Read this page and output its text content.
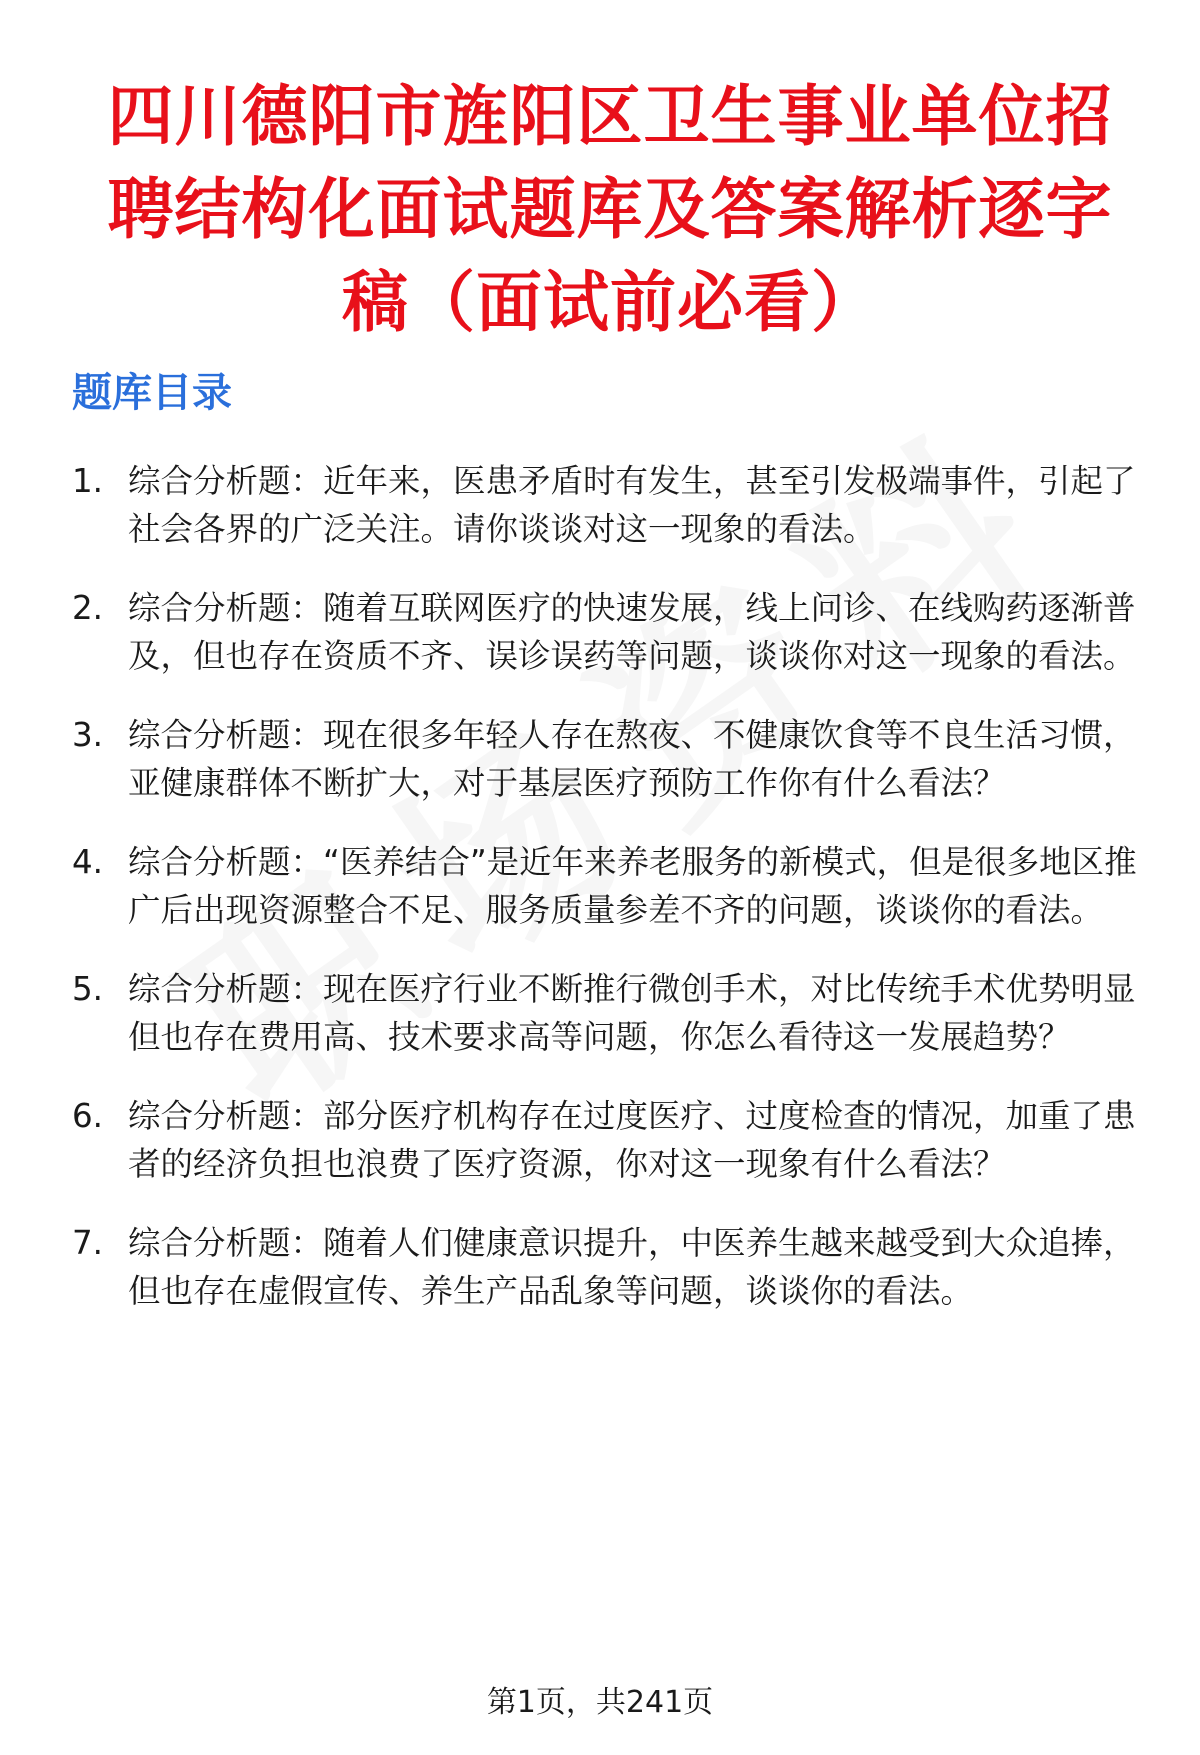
四川德阳市旌阳区卫生事业单位招聘结构化面试题库及答案解析逐字稿（面试前必看）
题库目录
1. 综合分析题：近年来，医患矛盾时有发生，甚至引发极端事件，引起了社会各界的广泛关注。请你谈谈对这一现象的看法。
2. 综合分析题：随着互联网医疗的快速发展，线上问诊、在线购药逐渐普及，但也存在资质不齐、误诊误药等问题，谈谈你对这一现象的看法。
3. 综合分析题：现在很多年轻人存在熬夜、不健康饮食等不良生活习惯，亚健康群体不断扩大，对于基层医疗预防工作你有什么看法？
4. 综合分析题：“医养结合”是近年来养老服务的新模式，但是很多地区推广后出现资源整合不足、服务质量参差不齐的问题，谈谈你的看法。
5. 综合分析题：现在医疗行业不断推行微创手术，对比传统手术优势明显但也存在费用高、技术要求高等问题，你怎么看待这一发展趋势？
6. 综合分析题：部分医疗机构存在过度医疗、过度检查的情况，加重了患者的经济负担也浪费了医疗资源，你对这一现象有什么看法？
7. 综合分析题：随着人们健康意识提升，中医养生越来越受到大众追捧，但也存在虚假宣传、养生产品乱象等问题，谈谈你的看法。
第1页，共241页
